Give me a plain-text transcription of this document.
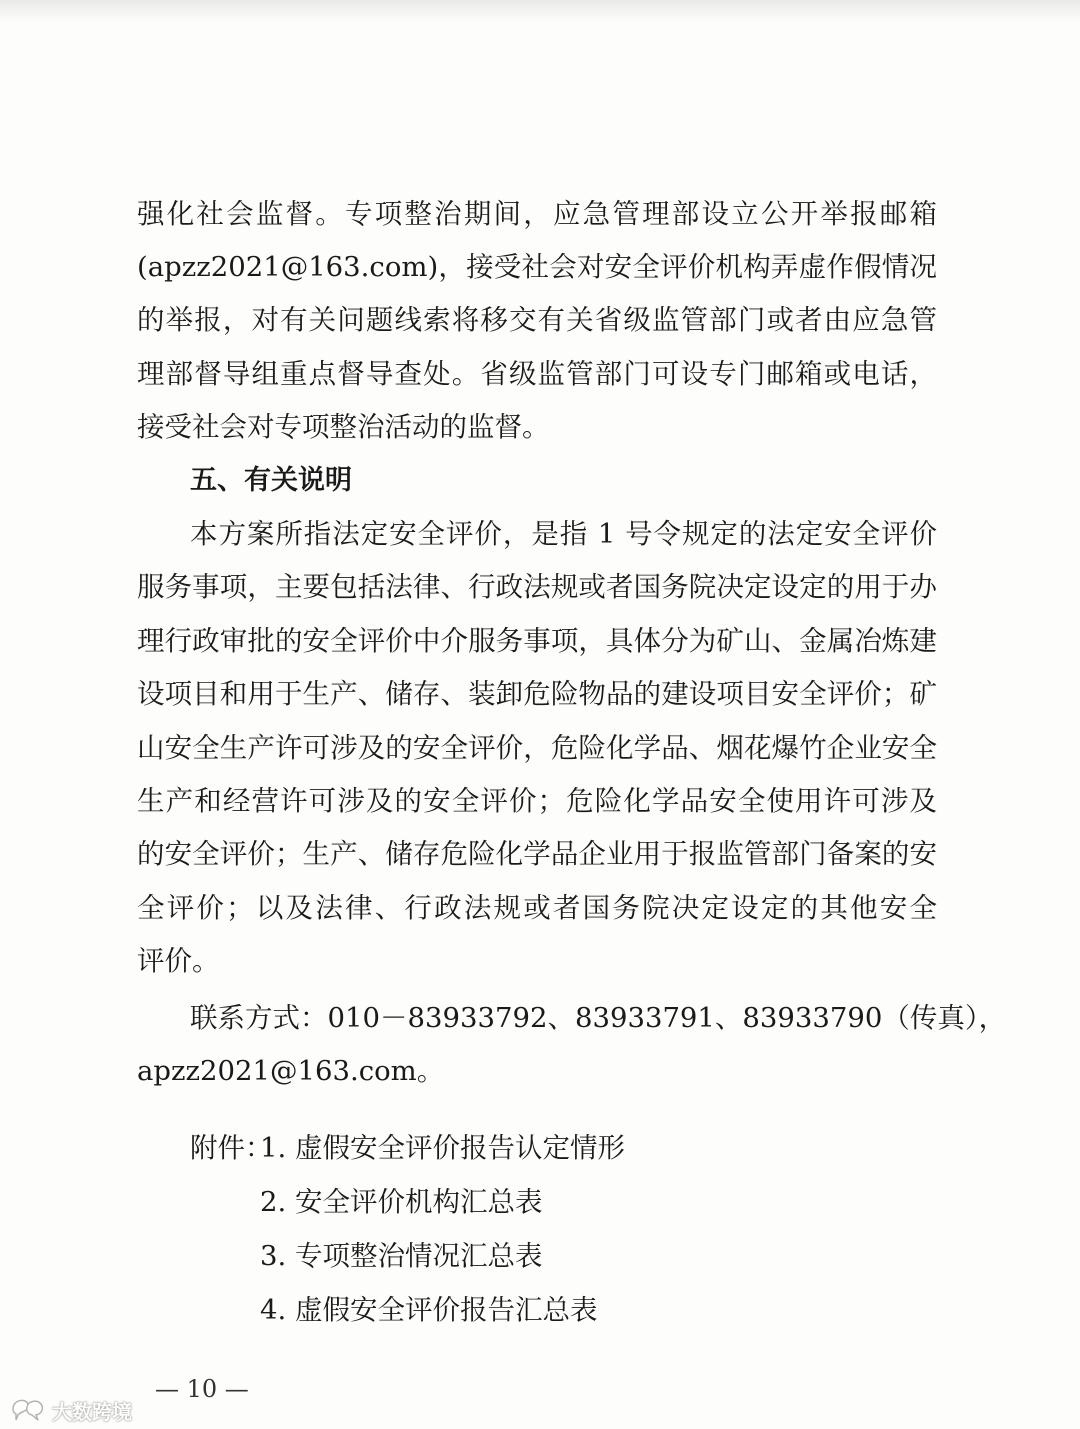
强化社会监督。专项整治期间，应急管理部设立公开举报邮箱
(apzz2021@163.com)，接受社会对安全评价机构弄虚作假情况
的举报，对有关问题线索将移交有关省级监管部门或者由应急管
理部督导组重点督导查处。省级监管部门可设专门邮箱或电话，
接受社会对专项整治活动的监督。
五、有关说明
本方案所指法定安全评价，是指 1 号令规定的法定安全评价
服务事项，主要包括法律、行政法规或者国务院决定设定的用于办
理行政审批的安全评价中介服务事项，具体分为矿山、金属冶炼建
设项目和用于生产、储存、装卸危险物品的建设项目安全评价；矿
山安全生产许可涉及的安全评价，危险化学品、烟花爆竹企业安全
生产和经营许可涉及的安全评价；危险化学品安全使用许可涉及
的安全评价；生产、储存危险化学品企业用于报监管部门备案的安
全评价；以及法律、行政法规或者国务院决定设定的其他安全
评价。
联系方式：010－83933792、83933791、83933790（传真），
apzz2021@163.com。
附件：
1. 虚假安全评价报告认定情形
2. 安全评价机构汇总表
3. 专项整治情况汇总表
4. 虚假安全评价报告汇总表
— 10 —
大数跨境
